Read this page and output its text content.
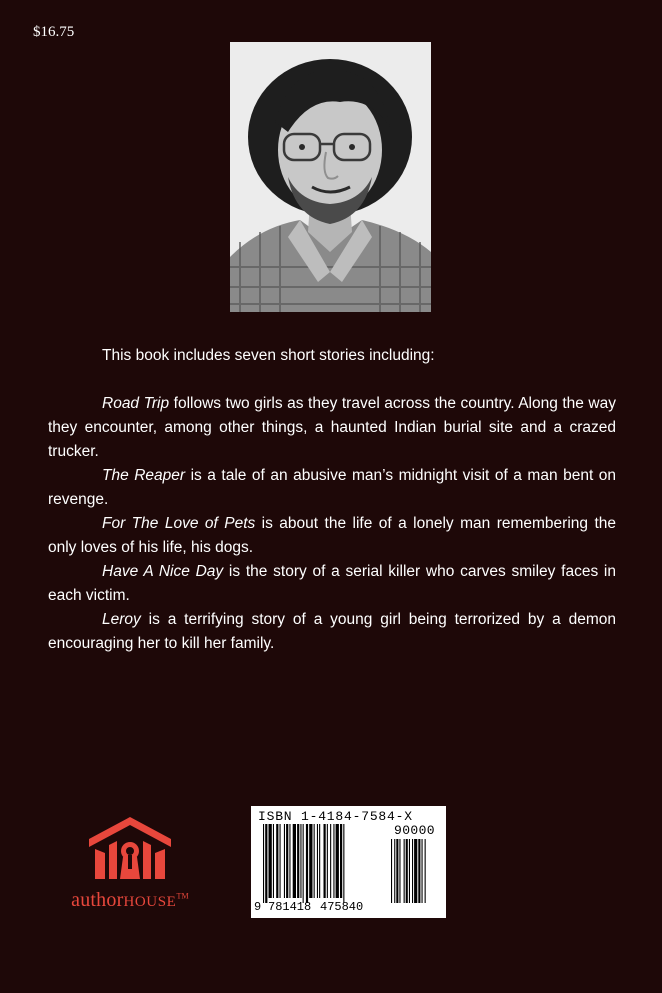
$16.75

This book includes seven short stories including:

Road Trip follows two girls as they travel across the country. Along the way they encounter, among other things, a haunted Indian burial site and a crazed trucker.

The Reaper is a tale of an abusive man’s midnight visit of a man bent on revenge.

For The Love of Pets is about the life of a lonely man remembering the only loves of his life, his dogs.

Have A Nice Day is the story of a serial killer who carves smiley faces in each victim.

Leroy is a terrifying story of a young girl being terrorized by a demon encouraging her to kill her family.

authorHOUSE™
ISBN 1-4184-7584-X
90000
9 781418 475840
